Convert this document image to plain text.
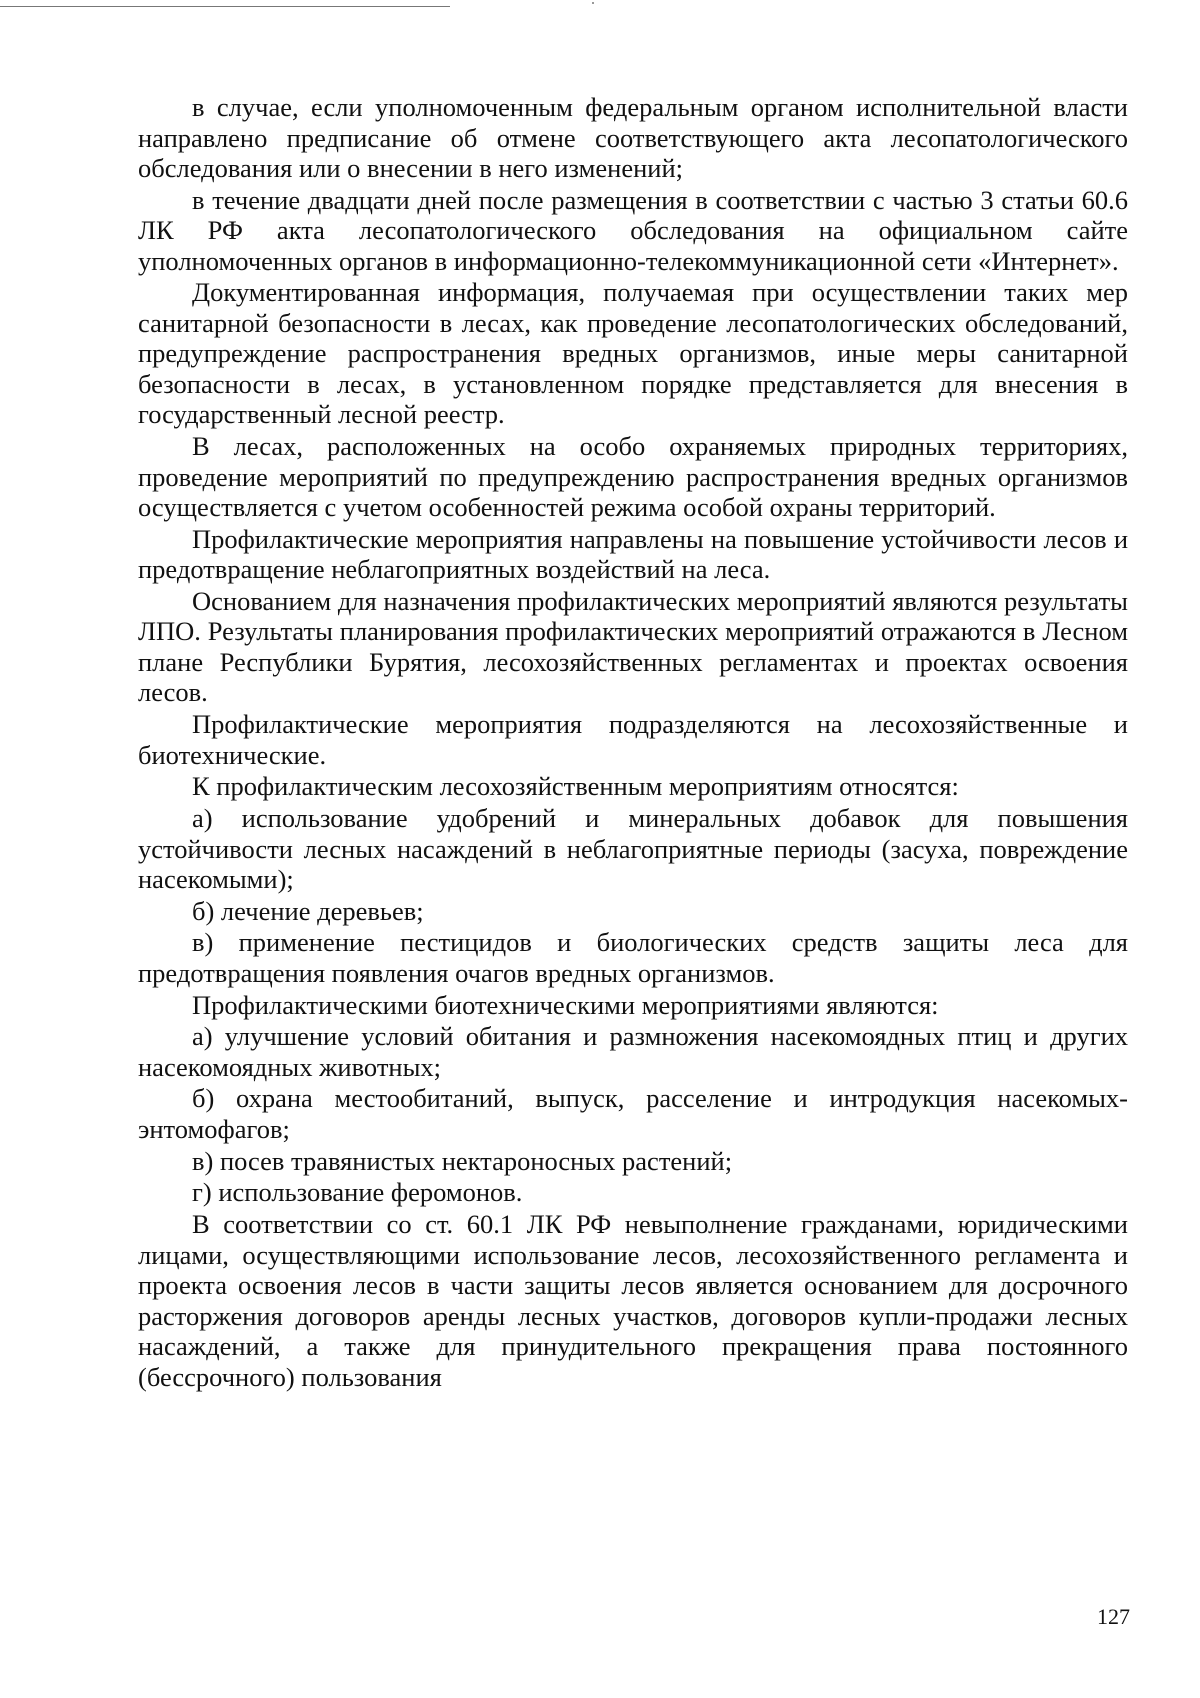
в случае, если уполномоченным федеральным органом исполнительной власти направлено предписание об отмене соответствующего акта лесопатологического обследования или о внесении в него изменений;

в течение двадцати дней после размещения в соответствии с частью 3 статьи 60.6 ЛК РФ акта лесопатологического обследования на официальном сайте уполномоченных органов в информационно-телекоммуникационной сети «Интернет».

Документированная информация, получаемая при осуществлении таких мер санитарной безопасности в лесах, как проведение лесопатологических обследований, предупреждение распространения вредных организмов, иные меры санитарной безопасности в лесах, в установленном порядке представляется для внесения в государственный лесной реестр.

В лесах, расположенных на особо охраняемых природных территориях, проведение мероприятий по предупреждению распространения вредных организмов осуществляется с учетом особенностей режима особой охраны территорий.

Профилактические мероприятия направлены на повышение устойчивости лесов и предотвращение неблагоприятных воздействий на леса.

Основанием для назначения профилактических мероприятий являются результаты ЛПО. Результаты планирования профилактических мероприятий отражаются в Лесном плане Республики Бурятия, лесохозяйственных регламентах и проектах освоения лесов.

Профилактические мероприятия подразделяются на лесохозяйственные и биотехнические.

К профилактическим лесохозяйственным мероприятиям относятся:

а) использование удобрений и минеральных добавок для повышения устойчивости лесных насаждений в неблагоприятные периоды (засуха, повреждение насекомыми);

б) лечение деревьев;

в) применение пестицидов и биологических средств защиты леса для предотвращения появления очагов вредных организмов.

Профилактическими биотехническими мероприятиями являются:

а) улучшение условий обитания и размножения насекомоядных птиц и других насекомоядных животных;

б) охрана местообитаний, выпуск, расселение и интродукция насекомых-энтомофагов;

в) посев травянистых нектароносных растений;

г) использование феромонов.

В соответствии со ст. 60.1 ЛК РФ невыполнение гражданами, юридическими лицами, осуществляющими использование лесов, лесохозяйственного регламента и проекта освоения лесов в части защиты лесов является основанием для досрочного расторжения договоров аренды лесных участков, договоров купли-продажи лесных насаждений, а также для принудительного прекращения права постоянного (бессрочного) пользования

127
